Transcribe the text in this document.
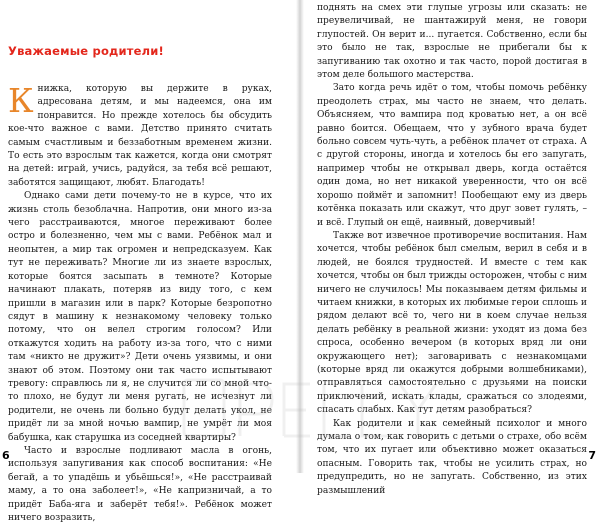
Уважаемые родители!

Книжка, которую вы держите в руках, адресована детям, и мы надеемся, она им понравится. Но прежде хотелось бы обсудить кое-что важное с вами. Детство принято считать самым счастливым и беззаботным временем жизни. То есть это взрослым так кажется, когда они смотрят на детей: играй, учись, радуйся, за тебя всё решают, заботятся защищают, любят. Благодать!

Однако сами дети почему-то не в курсе, что их жизнь столь безоблачна. Напротив, они много из-за чего расстраиваются, многое переживают более остро и болезненно, чем мы с вами. Ребёнок мал и неопытен, а мир так огромен и непредсказуем. Как тут не переживать? Многие ли из знаете взрослых, которые боятся засыпать в темноте? Которые начинают плакать, потеряв из виду того, с кем пришли в магазин или в парк? Которые безропотно сядут в машину к незнакомому человеку только потому, что он велел строгим голосом? Или откажутся ходить на работу из-за того, что с ними там «никто не дружит»? Дети очень уязвимы, и они знают об этом. Поэтому они так часто испытывают тревогу: справлюсь ли я, не случится ли со мной что-то плохо, не будут ли меня ругать, не исчезнут ли родители, не очень ли больно будут делать укол, не придёт ли за мной ночью вампир, не умрёт ли моя бабушка, как старушка из соседней квартиры?

Часто и взрослые подливают масла в огонь, используя запугивания как способ воспитания: «Не бегай, а то упадёшь и убьёшься!», «Не расстраивай маму, а то она заболеет!», «Не капризничай, а то придёт Баба-яга и заберёт тебя!». Ребёнок может ничего возразить,

6

поднять на смех эти глупые угрозы или сказать: не преувеличивай, не шантажируй меня, не говори глупостей. Он верит и... пугается. Собственно, если бы это было не так, взрослые не прибегали бы к запугиванию так охотно и так часто, порой достигая в этом деле большого мастерства.

Зато когда речь идёт о том, чтобы помочь ребёнку преодолеть страх, мы часто не знаем, что делать. Объясняем, что вампира под кроватью нет, а он всё равно боится. Обещаем, что у зубного врача будет больно совсем чуть-чуть, а ребёнок плачет от страха. А с другой стороны, иногда и хотелось бы его запугать, например чтобы не открывал дверь, когда остаётся один дома, но нет никакой уверенности, что он всё хорошо поймёт и запомнит! Пообещают ему из дверь котёнка показать или скажут, что друг зовет гулять, – и всё. Глупый он ещё, наивный, доверчивый!

Также вот извечное противоречие воспитания. Нам хочется, чтобы ребёнок был смелым, верил в себя и в людей, не боялся трудностей. И вместе с тем как хочется, чтобы он был трижды осторожен, чтобы с ним ничего не случилось! Мы показываем детям фильмы и читаем книжки, в которых их любимые герои сплошь и рядом делают всё то, чего ни в коем случае нельзя делать ребёнку в реальной жизни: уходят из дома без спроса, особенно вечером (в которых вряд ли они окружающего нет); заговаривать с незнакомцами (которые вряд ли окажутся добрыми волшебниками), отправляться самостоятельно с друзьями на поиски приключений, искать клады, сражаться со злодеями, спасать слабых. Как тут детям разобраться?

Как родители и как семейный психолог и много думала о том, как говорить с детьми о страхе, обо всём том, что их пугает или объективно может оказаться опасным. Говорить так, чтобы не усилить страх, но предупредить, но не запугать. Собственно, из этих размышлений

7
